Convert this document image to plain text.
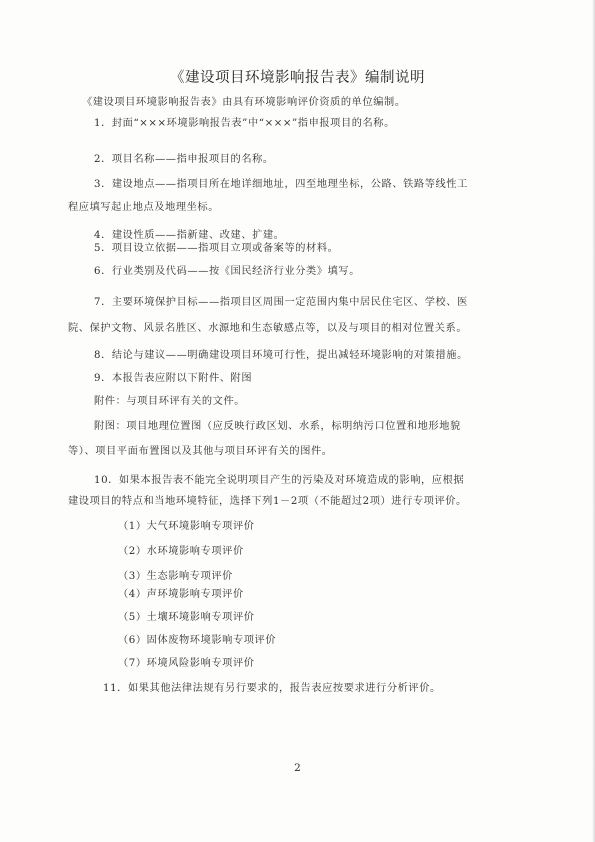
《建设项目环境影响报告表》编制说明
《建设项目环境影响报告表》由具有环境影响评价资质的单位编制。
1．封面“×××环境影响报告表”中“×××”指申报项目的名称。
2．项目名称——指申报项目的名称。
3．建设地点——指项目所在地详细地址，四至地理坐标，公路、铁路等线性工
程应填写起止地点及地理坐标。
4．建设性质——指新建、改建、扩建。
5．项目设立依据——指项目立项或备案等的材料。
6．行业类别及代码——按《国民经济行业分类》填写。
7．主要环境保护目标——指项目区周围一定范围内集中居民住宅区、学校、医
院、保护文物、风景名胜区、水源地和生态敏感点等，以及与项目的相对位置关系。
8．结论与建议——明确建设项目环境可行性，提出减轻环境影响的对策措施。
9．本报告表应附以下附件、附图
附件：与项目环评有关的文件。
附图：项目地理位置图（应反映行政区划、水系，标明纳污口位置和地形地貌
等）、项目平面布置图以及其他与项目环评有关的图件。
10．如果本报告表不能完全说明项目产生的污染及对环境造成的影响，应根据
建设项目的特点和当地环境特征，选择下列1－2项（不能超过2项）进行专项评价。
（1）大气环境影响专项评价
（2）水环境影响专项评价
（3）生态影响专项评价
（4）声环境影响专项评价
（5）土壤环境影响专项评价
（6）固体废物环境影响专项评价
（7）环境风险影响专项评价
11．如果其他法律法规有另行要求的，报告表应按要求进行分析评价。
2
